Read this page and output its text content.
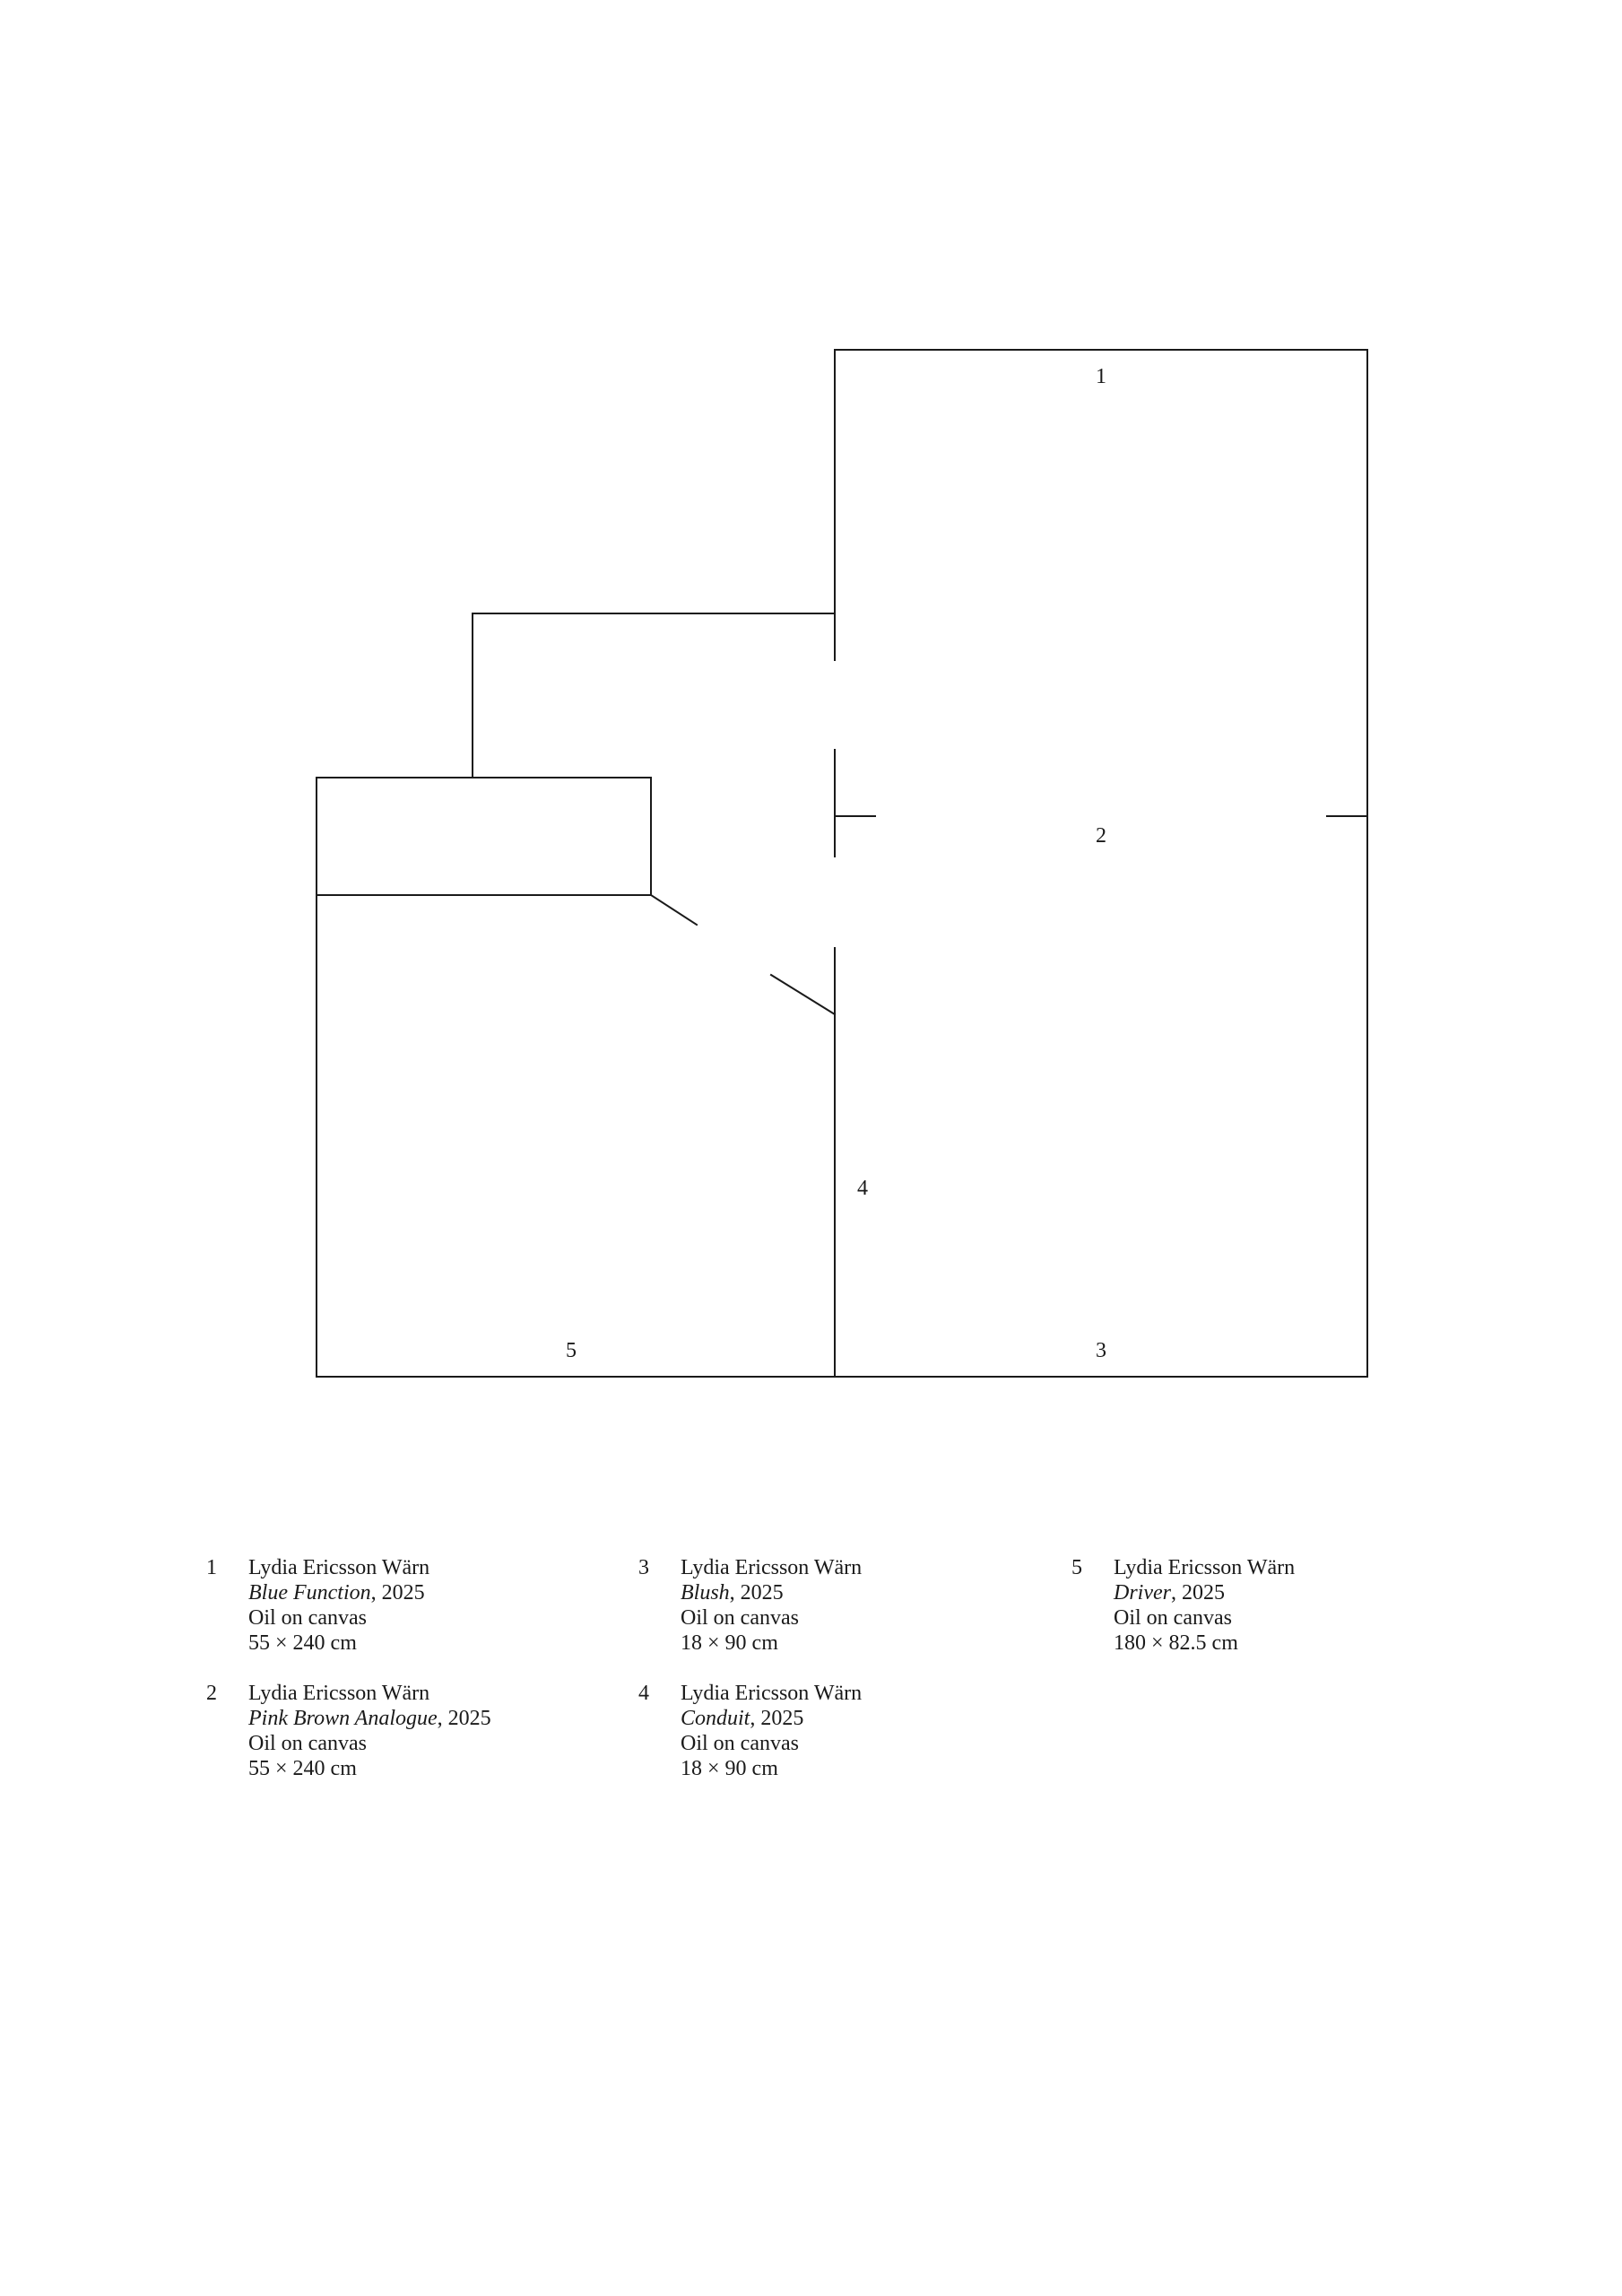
1
2
3
4
5
1 Lydia Ericsson Wärn
Blue Function, 2025
Oil on canvas
55 × 240 cm
2 Lydia Ericsson Wärn
Pink Brown Analogue, 2025
Oil on canvas
55 × 240 cm
3 Lydia Ericsson Wärn
Blush, 2025
Oil on canvas
18 × 90 cm
4 Lydia Ericsson Wärn
Conduit, 2025
Oil on canvas
18 × 90 cm
5 Lydia Ericsson Wärn
Driver, 2025
Oil on canvas
180 × 82.5 cm
